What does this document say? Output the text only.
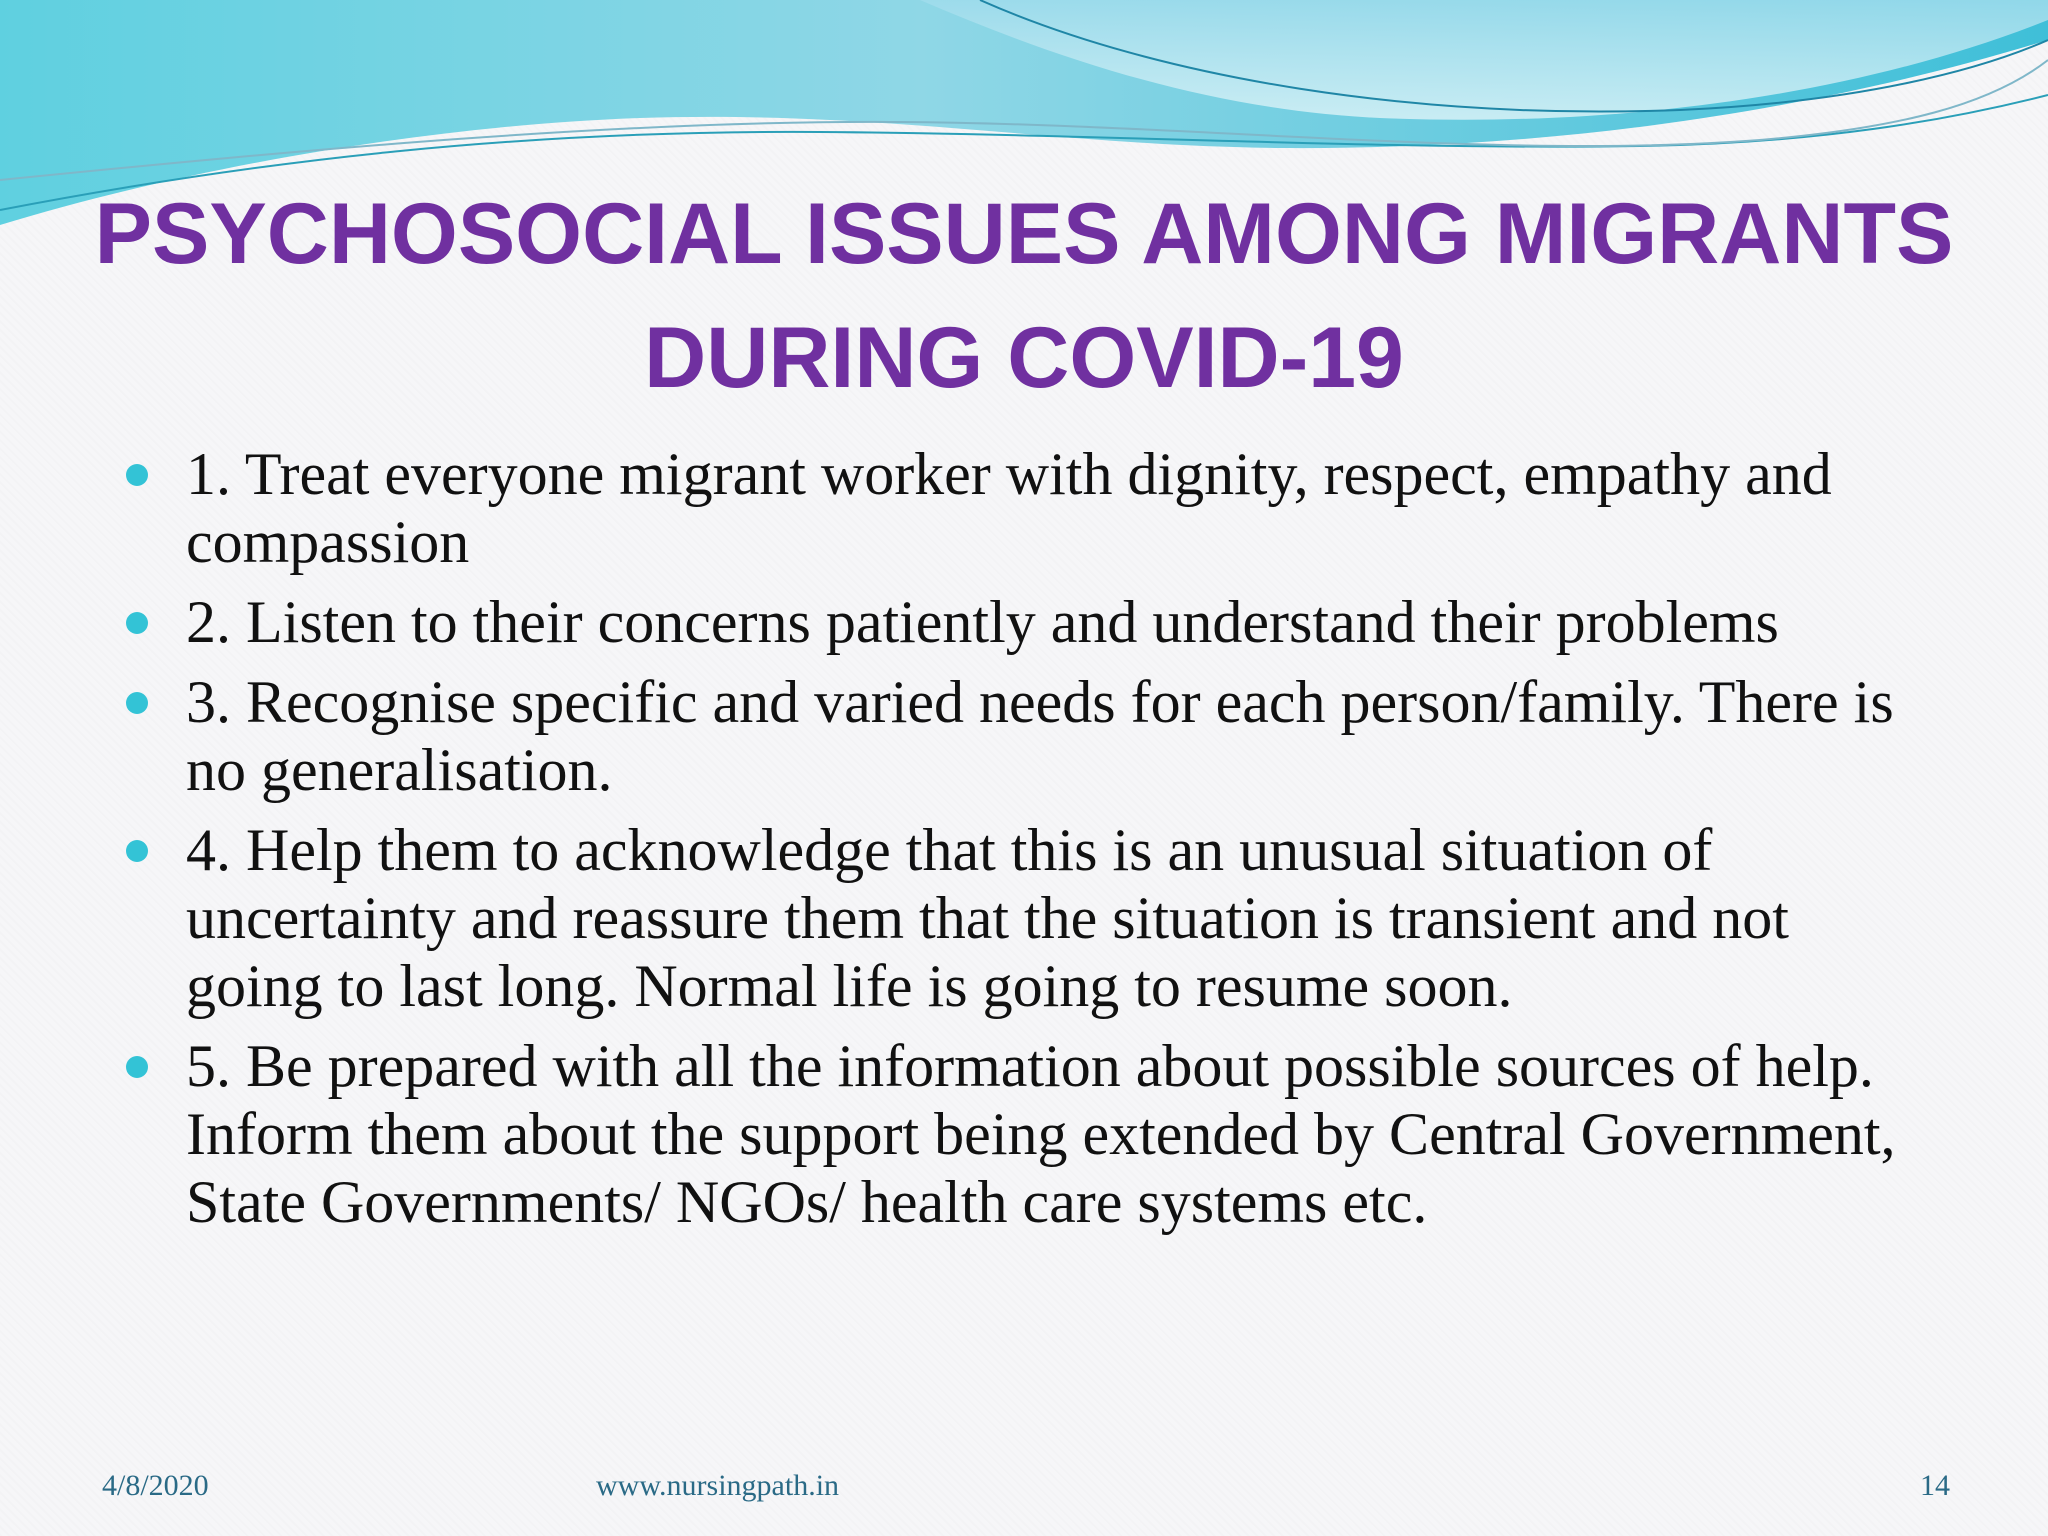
PSYCHOSOCIAL ISSUES AMONG MIGRANTS
DURING COVID-19
1. Treat everyone migrant worker with dignity, respect, empathy and compassion
2. Listen to their concerns patiently and understand their problems
3. Recognise specific and varied needs for each person/family. There is no generalisation.
4. Help them to acknowledge that this is an unusual situation of uncertainty and reassure them that the situation is transient and not going to last long. Normal life is going to resume soon.
5. Be prepared with all the information about possible sources of help. Inform them about the support being extended by Central Government, State Governments/ NGOs/ health care systems etc.
4/8/2020	www.nursingpath.in	14
